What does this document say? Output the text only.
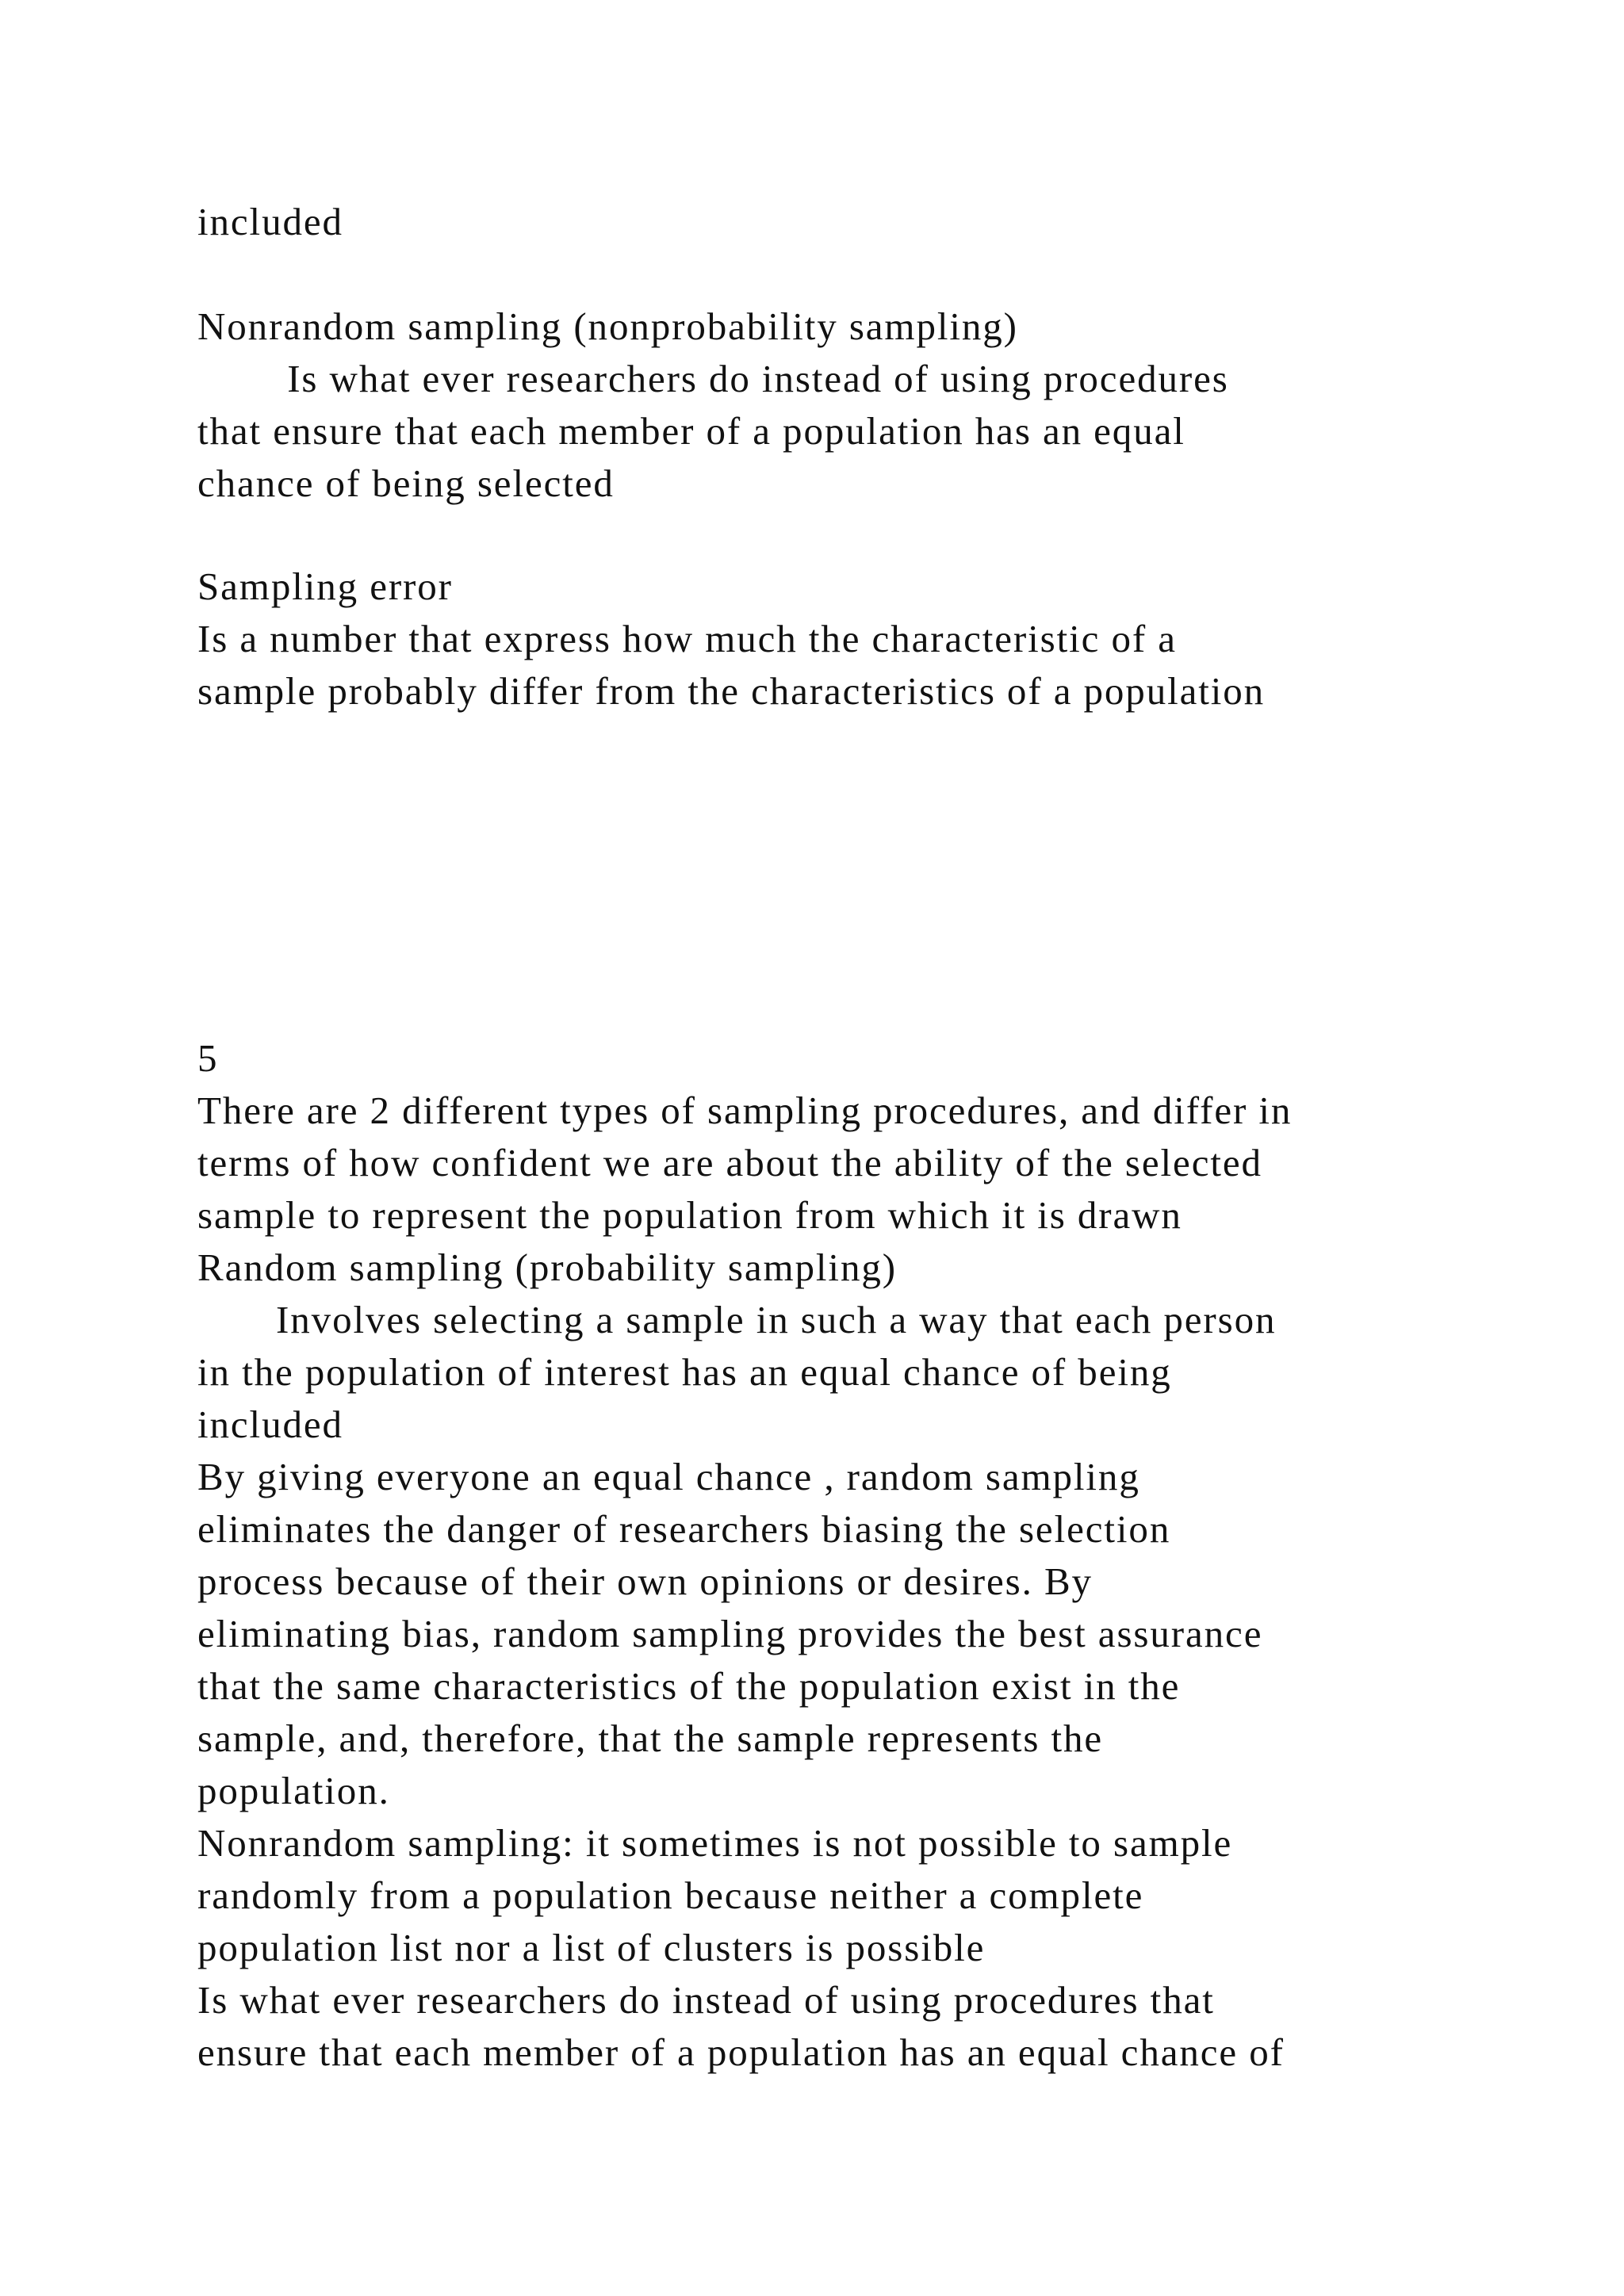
included

Nonrandom sampling (nonprobability sampling)

Is what ever researchers do instead of using procedures

that ensure that each member of a population has an equal

chance of being selected

Sampling error

Is a number that express how much the characteristic of a

sample probably differ from the characteristics of a population

5

There are 2 different types of sampling procedures, and differ in

terms of how confident we are about the ability of the selected

sample to represent the population from which it is drawn

Random sampling (probability sampling)

Involves selecting a sample in such a way that each person

in the population of interest has an equal chance of being

included

By giving everyone an equal chance , random sampling

eliminates the danger of researchers biasing the selection

process because of their own opinions or desires. By

eliminating bias, random sampling provides the best assurance

that the same characteristics of the population exist in the

sample, and, therefore, that the sample represents the

population.

Nonrandom sampling: it sometimes is not possible to sample

randomly from a population because neither a complete

population list nor a list of clusters is possible

Is what ever researchers do instead of using procedures that

ensure that each member of a population has an equal chance of
